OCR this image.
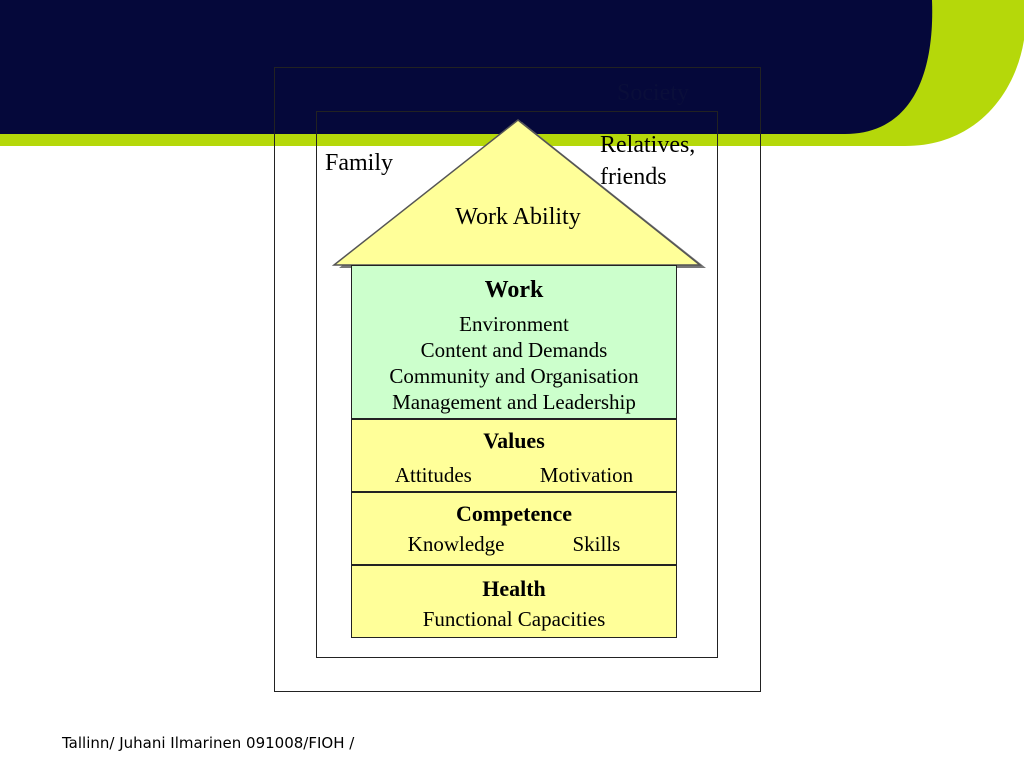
Society
Family
Relatives,
friends
Work Ability
Work
Environment
Content and Demands
Community and Organisation
Management and Leadership
Values
Attitudes	Motivation
Competence
Knowledge	Skills
Health
Functional Capacities
Tallinn/ Juhani Ilmarinen 091008/FIOH /
